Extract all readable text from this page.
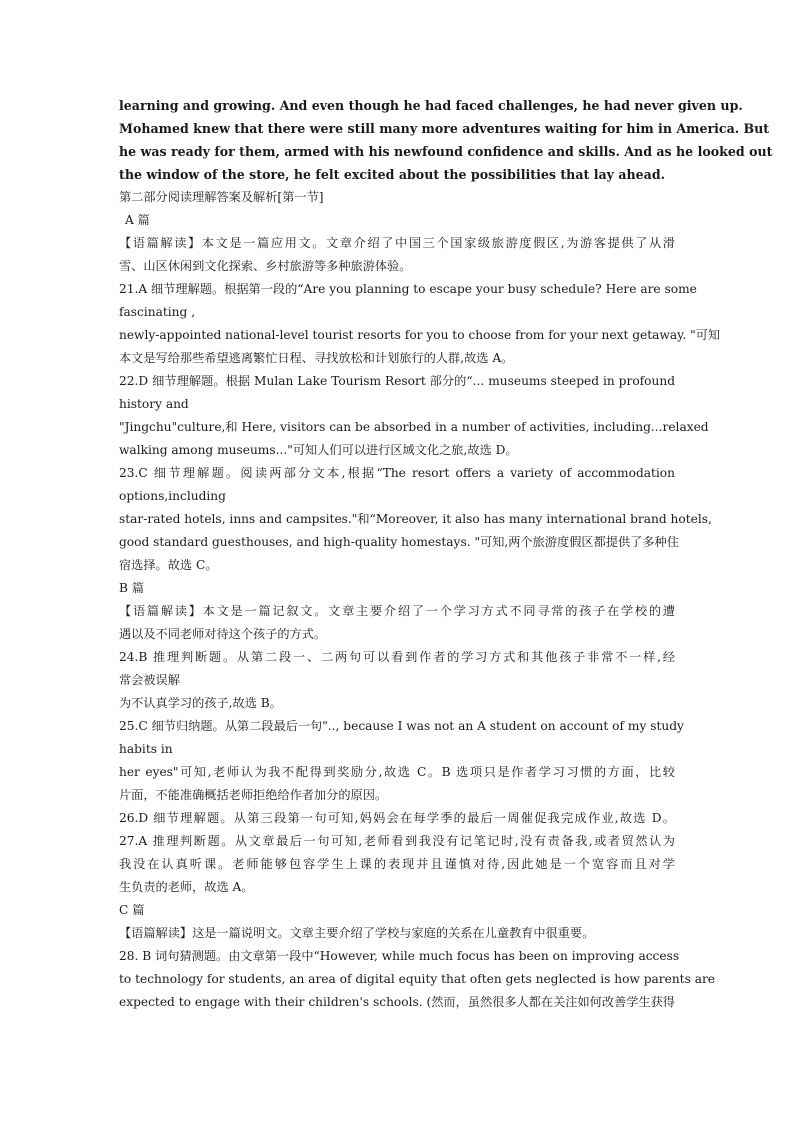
learning and growing. And even though he had faced challenges, he had never given up.
Mohamed knew that there were still many more adventures waiting for him in America. But
he was ready for them, armed with his newfound confidence and skills. And as he looked out
the window of the store, he felt excited about the possibilities that lay ahead.
第二部分阅读理解答案及解析[第一节]
A 篇
【语篇解读】本文是一篇应用文。文章介绍了中国三个国家级旅游度假区,为游客提供了从滑
雪、山区休闲到文化探索、乡村旅游等多种旅游体验。
21.A 细节理解题。根据第一段的“Are you planning to escape your busy schedule? Here are some
fascinating ,
newly-appointed national-level tourist resorts for you to choose from for your next getaway. "可知
本文是写给那些希望逃离繁忙日程、寻找放松和计划旅行的人群,故选 A。
22.D 细节理解题。根据 Mulan Lake Tourism Resort 部分的“... museums steeped in profound
history and
"Jingchu"culture,和 Here, visitors can be absorbed in a number of activities, including...relaxed
walking among museums..."可知人们可以进行区域文化之旅,故选 D。
23.C 细节理解题。阅读两部分文本,根据“The resort offers a variety of accommodation
options,including
star-rated hotels, inns and campsites."和“Moreover, it also has many international brand hotels,
good standard guesthouses, and high-quality homestays. "可知,两个旅游度假区都提供了多种住
宿选择。故选 C。
B 篇
【语篇解读】本文是一篇记叙文。文章主要介绍了一个学习方式不同寻常的孩子在学校的遭
遇以及不同老师对待这个孩子的方式。
24.B 推理判断题。从第二段一、二两句可以看到作者的学习方式和其他孩子非常不一样,经
常会被误解
为不认真学习的孩子,故选 B。
25.C 细节归纳题。从第二段最后一句".., because I was not an A student on account of my study
habits in
her eyes"可知,老师认为我不配得到奖励分,故选 C。B 选项只是作者学习习惯的方面，比较
片面，不能准确概括老师拒绝给作者加分的原因。
26.D 细节理解题。从第三段第一句可知,妈妈会在每学季的最后一周催促我完成作业,故选 D。
27.A 推理判断题。从文章最后一句可知,老师看到我没有记笔记时,没有责备我,或者贸然认为
我没在认真听课。老师能够包容学生上课的表现并且谨慎对待,因此她是一个宽容而且对学
生负责的老师，故选 A。
C 篇
【语篇解读】这是一篇说明文。文章主要介绍了学校与家庭的关系在儿童教育中很重要。
28. B 词句猜测题。由文章第一段中“However, while much focus has been on improving access
to technology for students, an area of digital equity that often gets neglected is how parents are
expected to engage with their children's schools. (然而，虽然很多人都在关注如何改善学生获得
